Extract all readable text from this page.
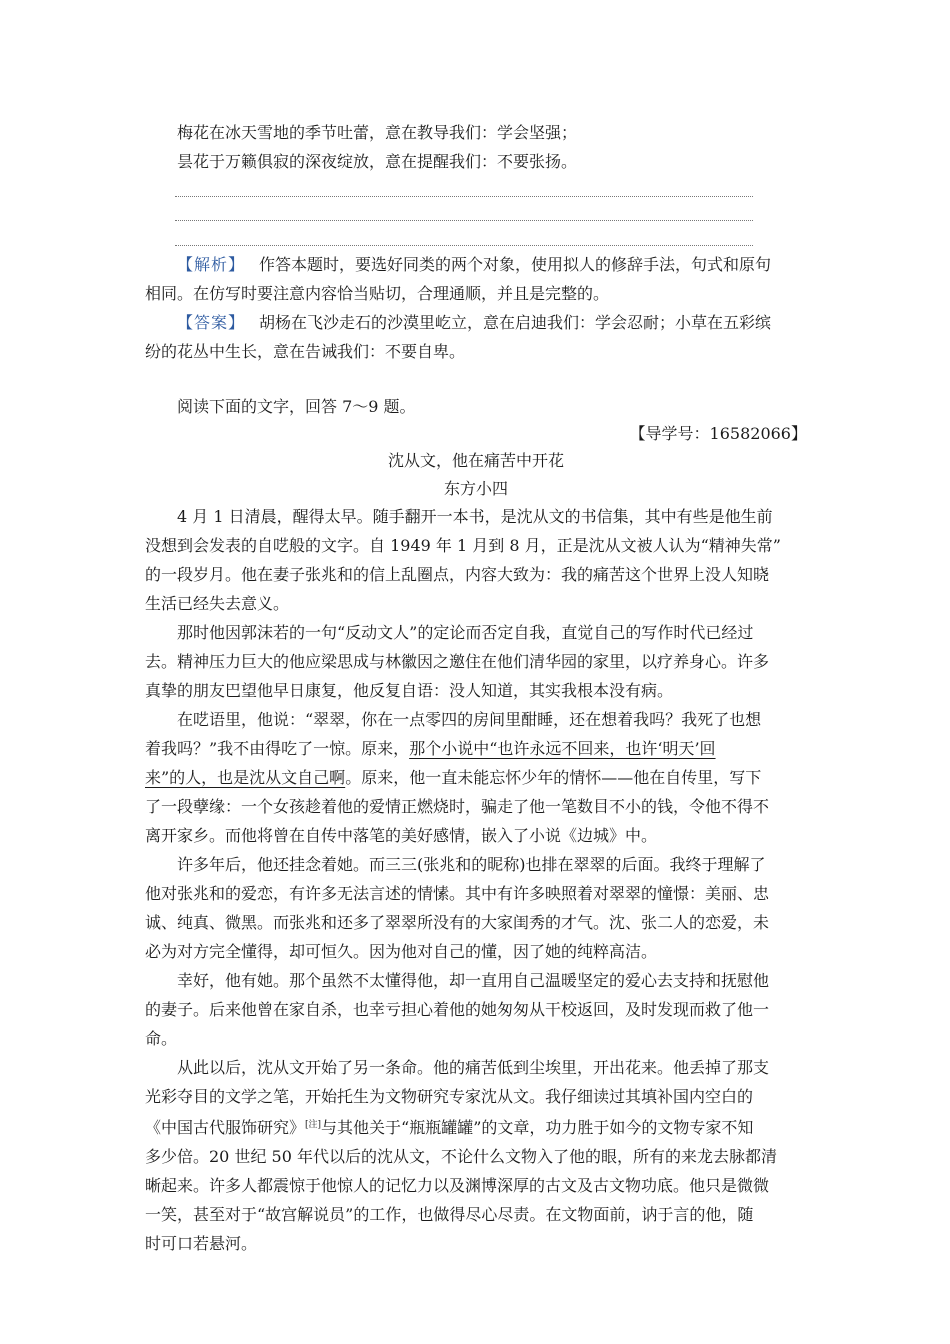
梅花在冰天雪地的季节吐蕾，意在教导我们：学会坚强；
昙花于万籁俱寂的深夜绽放，意在提醒我们：不要张扬。
【解析】 作答本题时，要选好同类的两个对象，使用拟人的修辞手法，句式和原句
相同。在仿写时要注意内容恰当贴切，合理通顺，并且是完整的。
【答案】 胡杨在飞沙走石的沙漠里屹立，意在启迪我们：学会忍耐；小草在五彩缤
纷的花丛中生长，意在告诫我们：不要自卑。
阅读下面的文字，回答 7～9 题。
【导学号：16582066】
沈从文，他在痛苦中开花
东方小四
4 月 1 日清晨，醒得太早。随手翻开一本书，是沈从文的书信集，其中有些是他生前
没想到会发表的自呓般的文字。自 1949 年 1 月到 8 月，正是沈从文被人认为“精神失常”
的一段岁月。他在妻子张兆和的信上乱圈点，内容大致为：我的痛苦这个世界上没人知晓
生活已经失去意义。
那时他因郭沫若的一句“反动文人”的定论而否定自我，直觉自己的写作时代已经过
去。精神压力巨大的他应梁思成与林徽因之邀住在他们清华园的家里，以疗养身心。许多
真挚的朋友巴望他早日康复，他反复自语：没人知道，其实我根本没有病。
在呓语里，他说：“翠翠，你在一点零四的房间里酣睡，还在想着我吗？我死了也想
着我吗？”我不由得吃了一惊。原来，那个小说中“也许永远不回来，也许‘明天’回
来”的人，也是沈从文自己啊。原来，他一直未能忘怀少年的情怀——他在自传里，写下
了一段孽缘：一个女孩趁着他的爱情正燃烧时，骗走了他一笔数目不小的钱，令他不得不
离开家乡。而他将曾在自传中落笔的美好感情，嵌入了小说《边城》中。
许多年后，他还挂念着她。而三三(张兆和的昵称)也排在翠翠的后面。我终于理解了
他对张兆和的爱恋，有许多无法言述的情愫。其中有许多映照着对翠翠的憧憬：美丽、忠
诚、纯真、微黑。而张兆和还多了翠翠所没有的大家闺秀的才气。沈、张二人的恋爱，未
必为对方完全懂得，却可恒久。因为他对自己的懂，因了她的纯粹高洁。
幸好，他有她。那个虽然不太懂得他，却一直用自己温暖坚定的爱心去支持和抚慰他
的妻子。后来他曾在家自杀，也幸亏担心着他的她匆匆从干校返回，及时发现而救了他一
命。
从此以后，沈从文开始了另一条命。他的痛苦低到尘埃里，开出花来。他丢掉了那支
光彩夺目的文学之笔，开始托生为文物研究专家沈从文。我仔细读过其填补国内空白的
《中国古代服饰研究》[注]与其他关于“瓶瓶罐罐”的文章，功力胜于如今的文物专家不知
多少倍。20 世纪 50 年代以后的沈从文，不论什么文物入了他的眼，所有的来龙去脉都清
晰起来。许多人都震惊于他惊人的记忆力以及渊博深厚的古文及古文物功底。他只是微微
一笑，甚至对于“故宫解说员”的工作，也做得尽心尽责。在文物面前，讷于言的他，随
时可口若悬河。
